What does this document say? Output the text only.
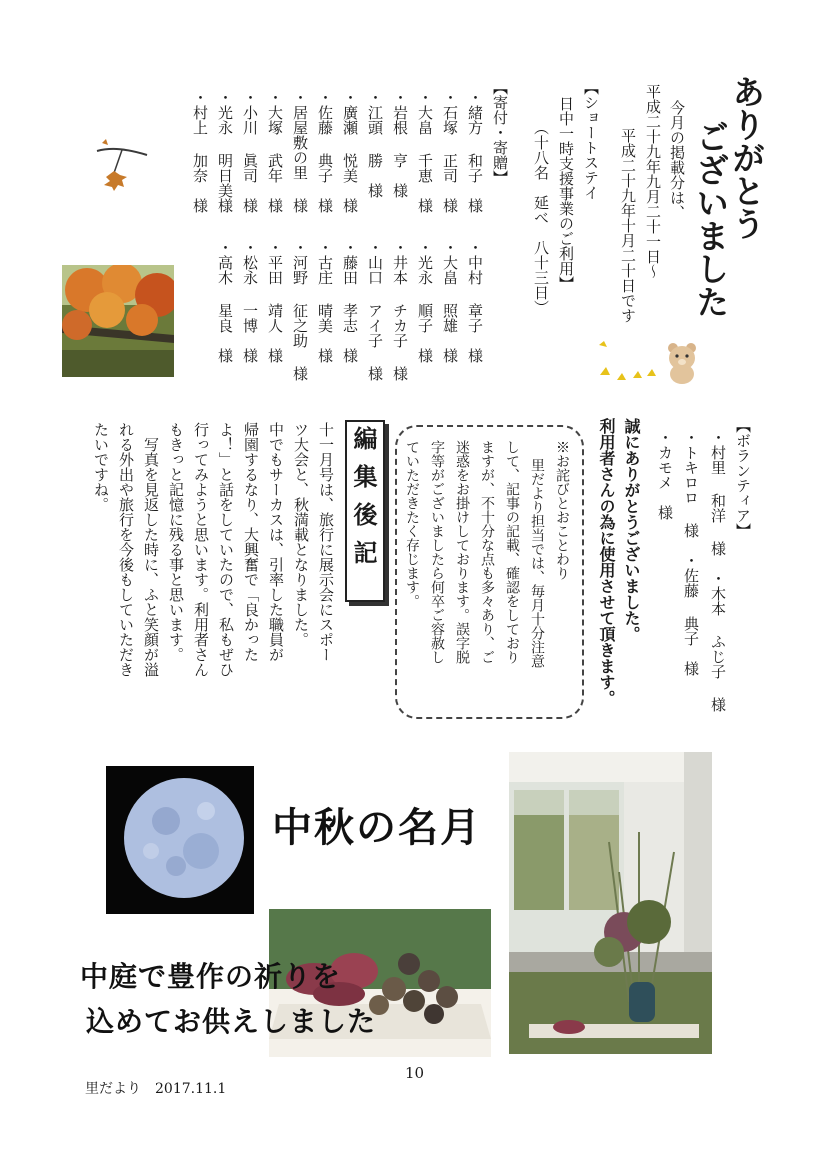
ありがとう
ございました
今月の掲載分は、
平成二十九年九月二十一日〜
平成二十九年十月二十日です
【ショートステイ
日中一時支援事業のご利用】
（十八名　延べ　八十三日）
【寄付・寄贈】
・緒方 和子　様
・中村 章子　様
・石塚 正司　様
・大畠 照雄　様
・大畠 千恵　様
・光永 順子　様
・岩根 亨　様
・井本 チカ子 様
・江頭 勝　様
・山口 アイ子 様
・廣瀬 悦美　様
・藤田 孝志　様
・佐藤 典子　様
・古庄 晴美　様
・居屋敷の里 様
・河野 征之助 様
・大塚 武年　様
・平田 靖人　様
・小川 眞司　様
・松永 一博　様
・光永 明日美様
・高木 星良　様
・村上 加奈　様
【ボランティア】
・村里 和洋 様　・木本 ふじ子 様
・トキロロ 様　・佐藤 典子　様
・カモメ　様
誠にありがとうございました。
利用者さんの為に使用させて頂きます。
※お詫びとおことわり
里だより担当では、毎月十分注意
して、記事の記載、確認をしており
ますが、不十分な点も多々あり、ご
迷惑をお掛けしております。誤字脱
字等がございましたら何卒ご容赦し
ていただきたく存じます。
編集後記
十一月号は、旅行に展示会にスポー
ツ大会と、秋満載となりました。
中でもサーカスは、引率した職員が
帰園するなり、大興奮で「良かった
よ！」と話をしていたので、私もぜひ
行ってみようと思います。利用者さん
もきっと記憶に残る事と思います。
　写真を見返した時に、ふと笑顔が溢
れる外出や旅行を今後もしていただき
たいですね。
中秋の名月
中庭で豊作の祈りを
込めてお供えしました
10
里だより　2017.11.1
